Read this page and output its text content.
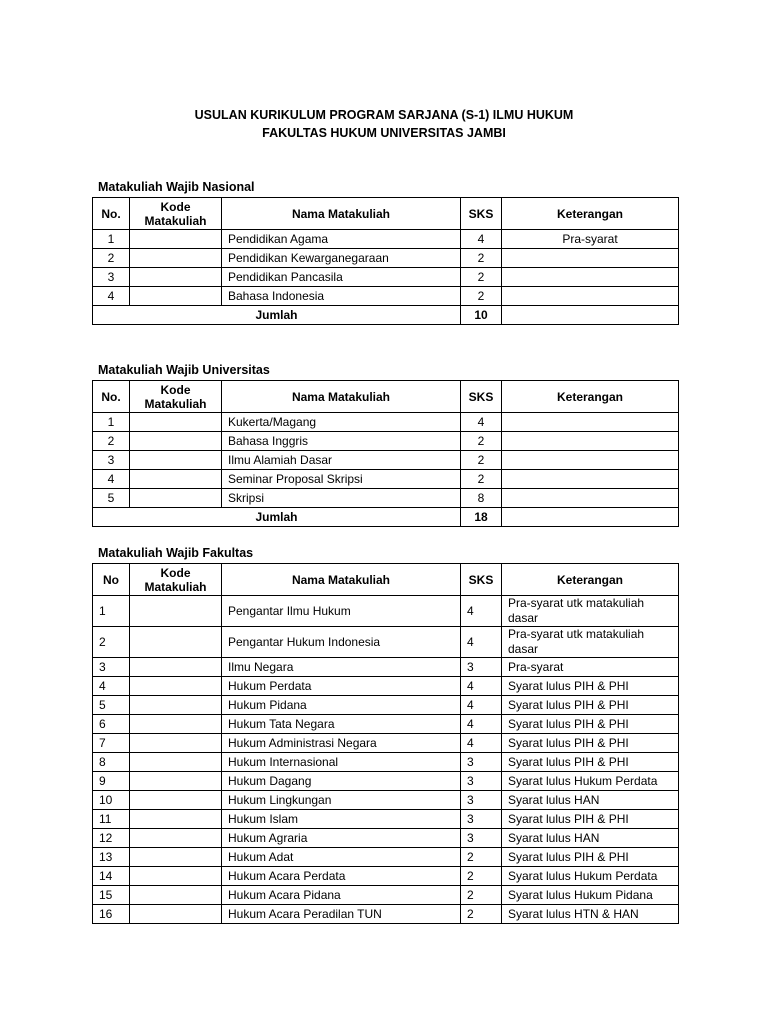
USULAN KURIKULUM PROGRAM SARJANA (S-1) ILMU HUKUM
FAKULTAS HUKUM UNIVERSITAS JAMBI
Matakuliah Wajib Nasional
No.	Kode Matakuliah	Nama Matakuliah	SKS	Keterangan
1		Pendidikan Agama	4	Pra-syarat
2		Pendidikan Kewarganegaraan	2	
3		Pendidikan Pancasila	2	
4		Bahasa Indonesia	2	
Jumlah			10	
Matakuliah Wajib Universitas
No.	Kode Matakuliah	Nama Matakuliah	SKS	Keterangan
1		Kukerta/Magang	4	
2		Bahasa Inggris	2	
3		Ilmu Alamiah Dasar	2	
4		Seminar Proposal Skripsi	2	
5		Skripsi	8	
Jumlah			18	
Matakuliah Wajib Fakultas
No	Kode Matakuliah	Nama Matakuliah	SKS	Keterangan
1		Pengantar Ilmu Hukum	4	Pra-syarat utk matakuliah dasar
2		Pengantar Hukum Indonesia	4	Pra-syarat utk matakuliah dasar
3		Ilmu Negara	3	Pra-syarat
4		Hukum Perdata	4	Syarat lulus PIH & PHI
5		Hukum Pidana	4	Syarat lulus PIH & PHI
6		Hukum Tata Negara	4	Syarat lulus PIH & PHI
7		Hukum Administrasi Negara	4	Syarat lulus PIH & PHI
8		Hukum Internasional	3	Syarat lulus PIH & PHI
9		Hukum Dagang	3	Syarat lulus Hukum Perdata
10		Hukum Lingkungan	3	Syarat lulus HAN
11		Hukum Islam	3	Syarat lulus PIH & PHI
12		Hukum Agraria	3	Syarat lulus HAN
13		Hukum Adat	2	Syarat lulus PIH & PHI
14		Hukum Acara Perdata	2	Syarat lulus Hukum Perdata
15		Hukum Acara Pidana	2	Syarat lulus Hukum Pidana
16		Hukum Acara Peradilan TUN	2	Syarat lulus HTN & HAN
